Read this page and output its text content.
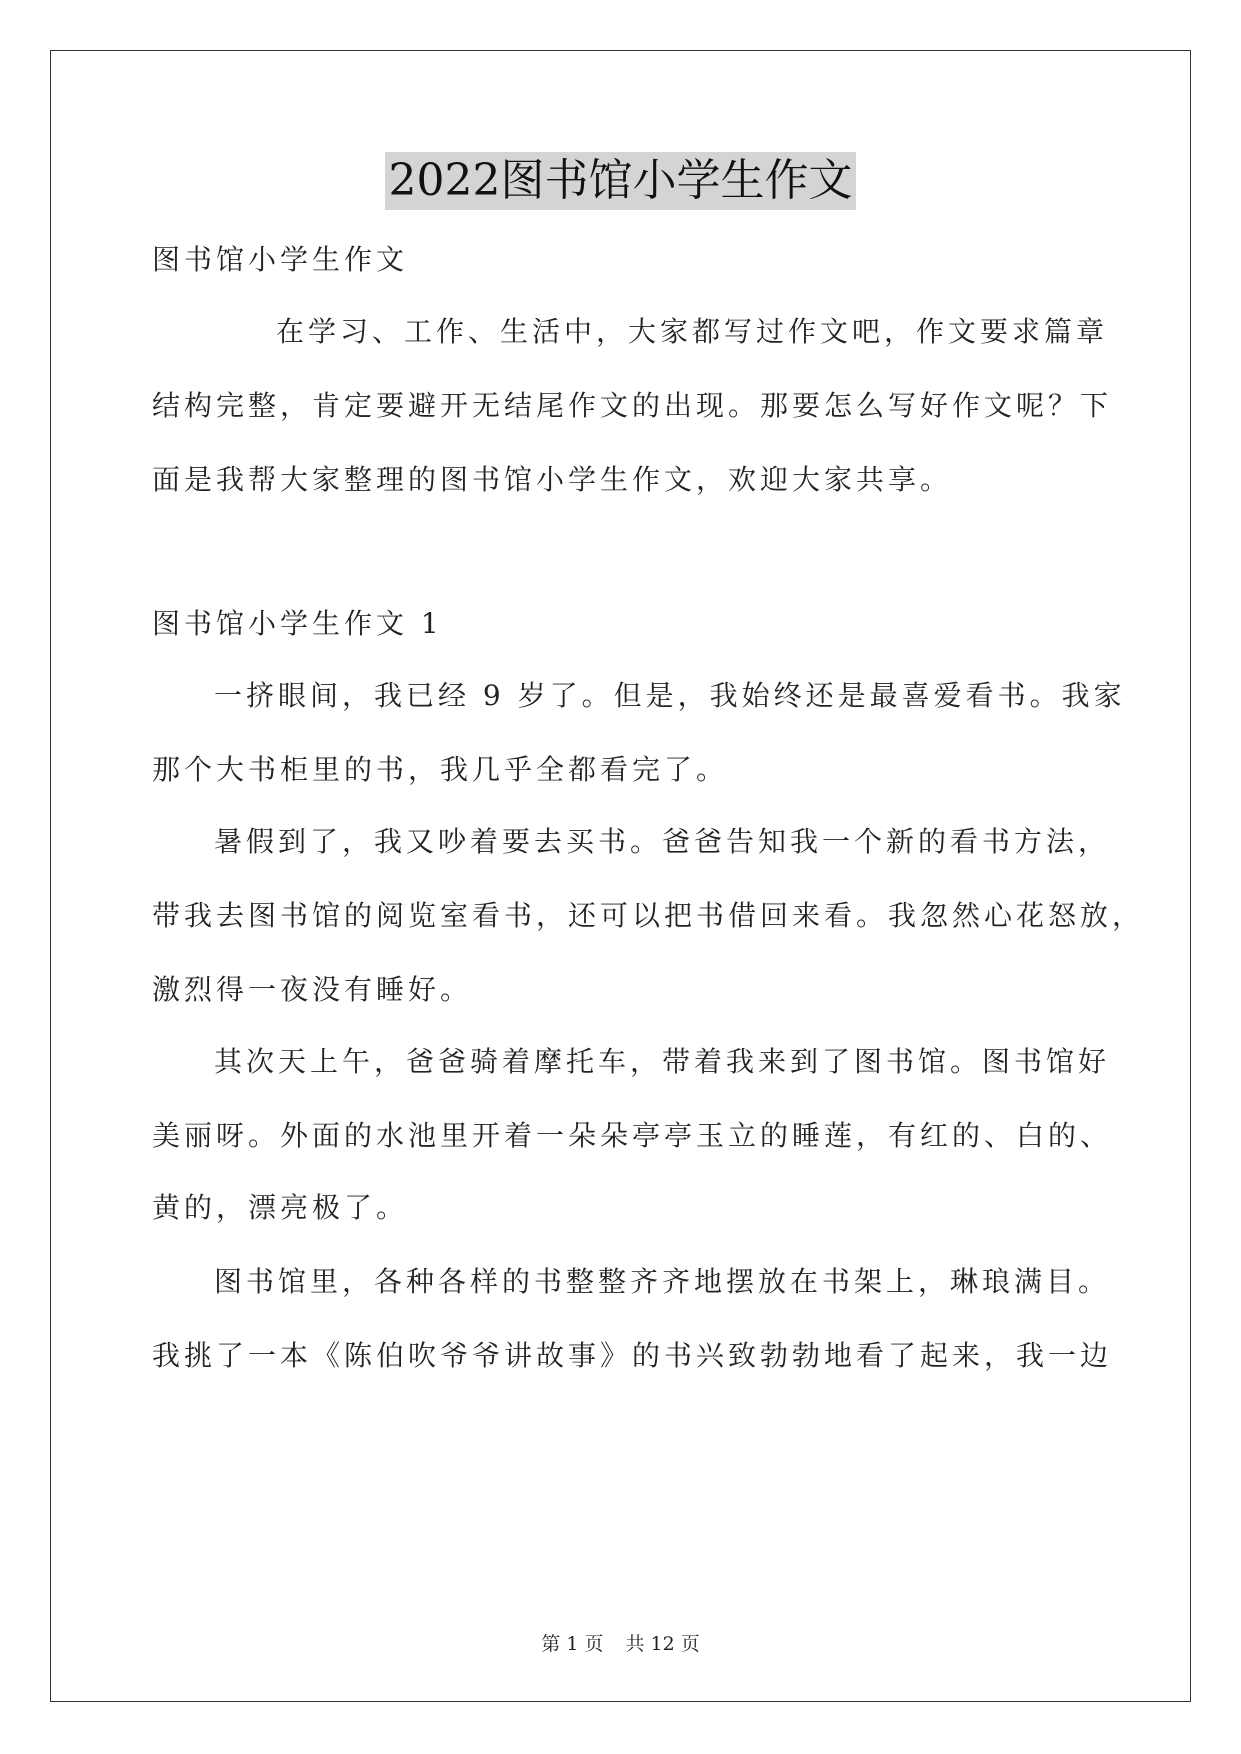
2022图书馆小学生作文

图书馆小学生作文

在学习、工作、生活中，大家都写过作文吧，作文要求篇章

结构完整，肯定要避开无结尾作文的出现。那要怎么写好作文呢？下

面是我帮大家整理的图书馆小学生作文，欢迎大家共享。

图书馆小学生作文 1

一挤眼间，我已经 9 岁了。但是，我始终还是最喜爱看书。我家

那个大书柜里的书，我几乎全都看完了。

暑假到了，我又吵着要去买书。爸爸告知我一个新的看书方法，

带我去图书馆的阅览室看书，还可以把书借回来看。我忽然心花怒放，

激烈得一夜没有睡好。

其次天上午，爸爸骑着摩托车，带着我来到了图书馆。图书馆好

美丽呀。外面的水池里开着一朵朵亭亭玉立的睡莲，有红的、白的、

黄的，漂亮极了。

图书馆里，各种各样的书整整齐齐地摆放在书架上，琳琅满目。

我挑了一本《陈伯吹爷爷讲故事》的书兴致勃勃地看了起来，我一边

第 1 页 共 12 页
